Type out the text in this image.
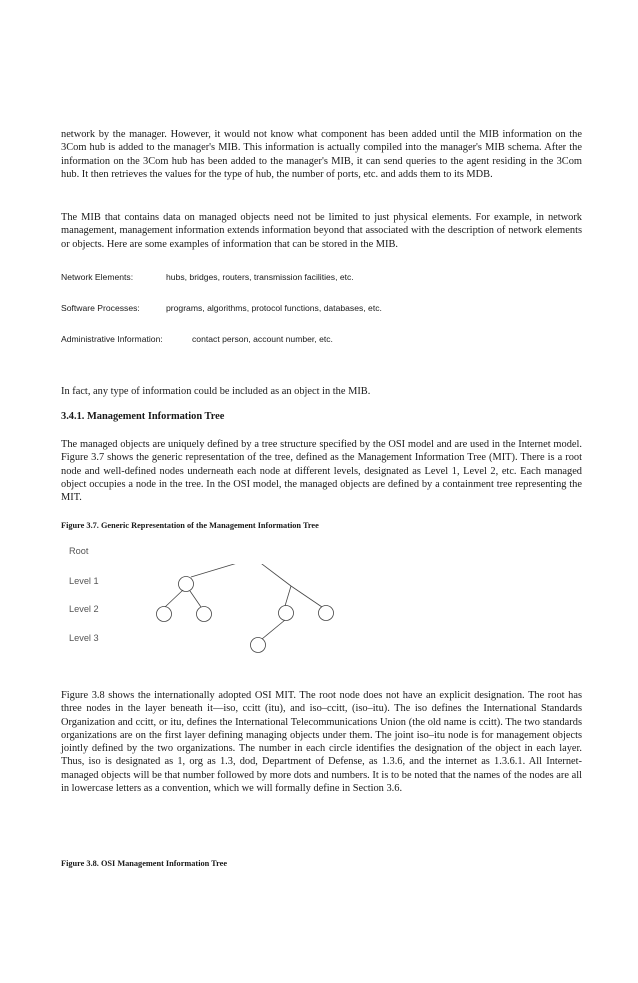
network by the manager. However, it would not know what component has been added until the MIB information on the 3Com hub is added to the manager's MIB. This information is actually compiled into the manager's MIB schema. After the information on the 3Com hub has been added to the manager's MIB, it can send queries to the agent residing in the 3Com hub. It then retrieves the values for the type of hub, the number of ports, etc. and adds them to its MDB.

The MIB that contains data on managed objects need not be limited to just physical elements. For example, in network management, management information extends information beyond that associated with the description of network elements or objects. Here are some examples of information that can be stored in the MIB.

Network Elements:	hubs, bridges, routers, transmission facilities, etc.
Software Processes:	programs, algorithms, protocol functions, databases, etc.
Administrative Information:	contact person, account number, etc.

In fact, any type of information could be included as an object in the MIB.

3.4.1. Management Information Tree

The managed objects are uniquely defined by a tree structure specified by the OSI model and are used in the Internet model. Figure 3.7 shows the generic representation of the tree, defined as the Management Information Tree (MIT). There is a root node and well-defined nodes underneath each node at different levels, designated as Level 1, Level 2, etc. Each managed object occupies a node in the tree. In the OSI model, the managed objects are defined by a containment tree representing the MIT.

Figure 3.7. Generic Representation of the Management Information Tree

Root
Level 1
Level 2
Level 3

Figure 3.8 shows the internationally adopted OSI MIT. The root node does not have an explicit designation. The root has three nodes in the layer beneath it—iso, ccitt (itu), and iso–ccitt, (iso–itu). The iso defines the International Standards Organization and ccitt, or itu, defines the International Telecommunications Union (the old name is ccitt). The two standards organizations are on the first layer defining managing objects under them. The joint iso–itu node is for management objects jointly defined by the two organizations. The number in each circle identifies the designation of the object in each layer. Thus, iso is designated as 1, org as 1.3, dod, Department of Defense, as 1.3.6, and the internet as 1.3.6.1. All Internet-managed objects will be that number followed by more dots and numbers. It is to be noted that the names of the nodes are all in lowercase letters as a convention, which we will formally define in Section 3.6.

Figure 3.8. OSI Management Information Tree
